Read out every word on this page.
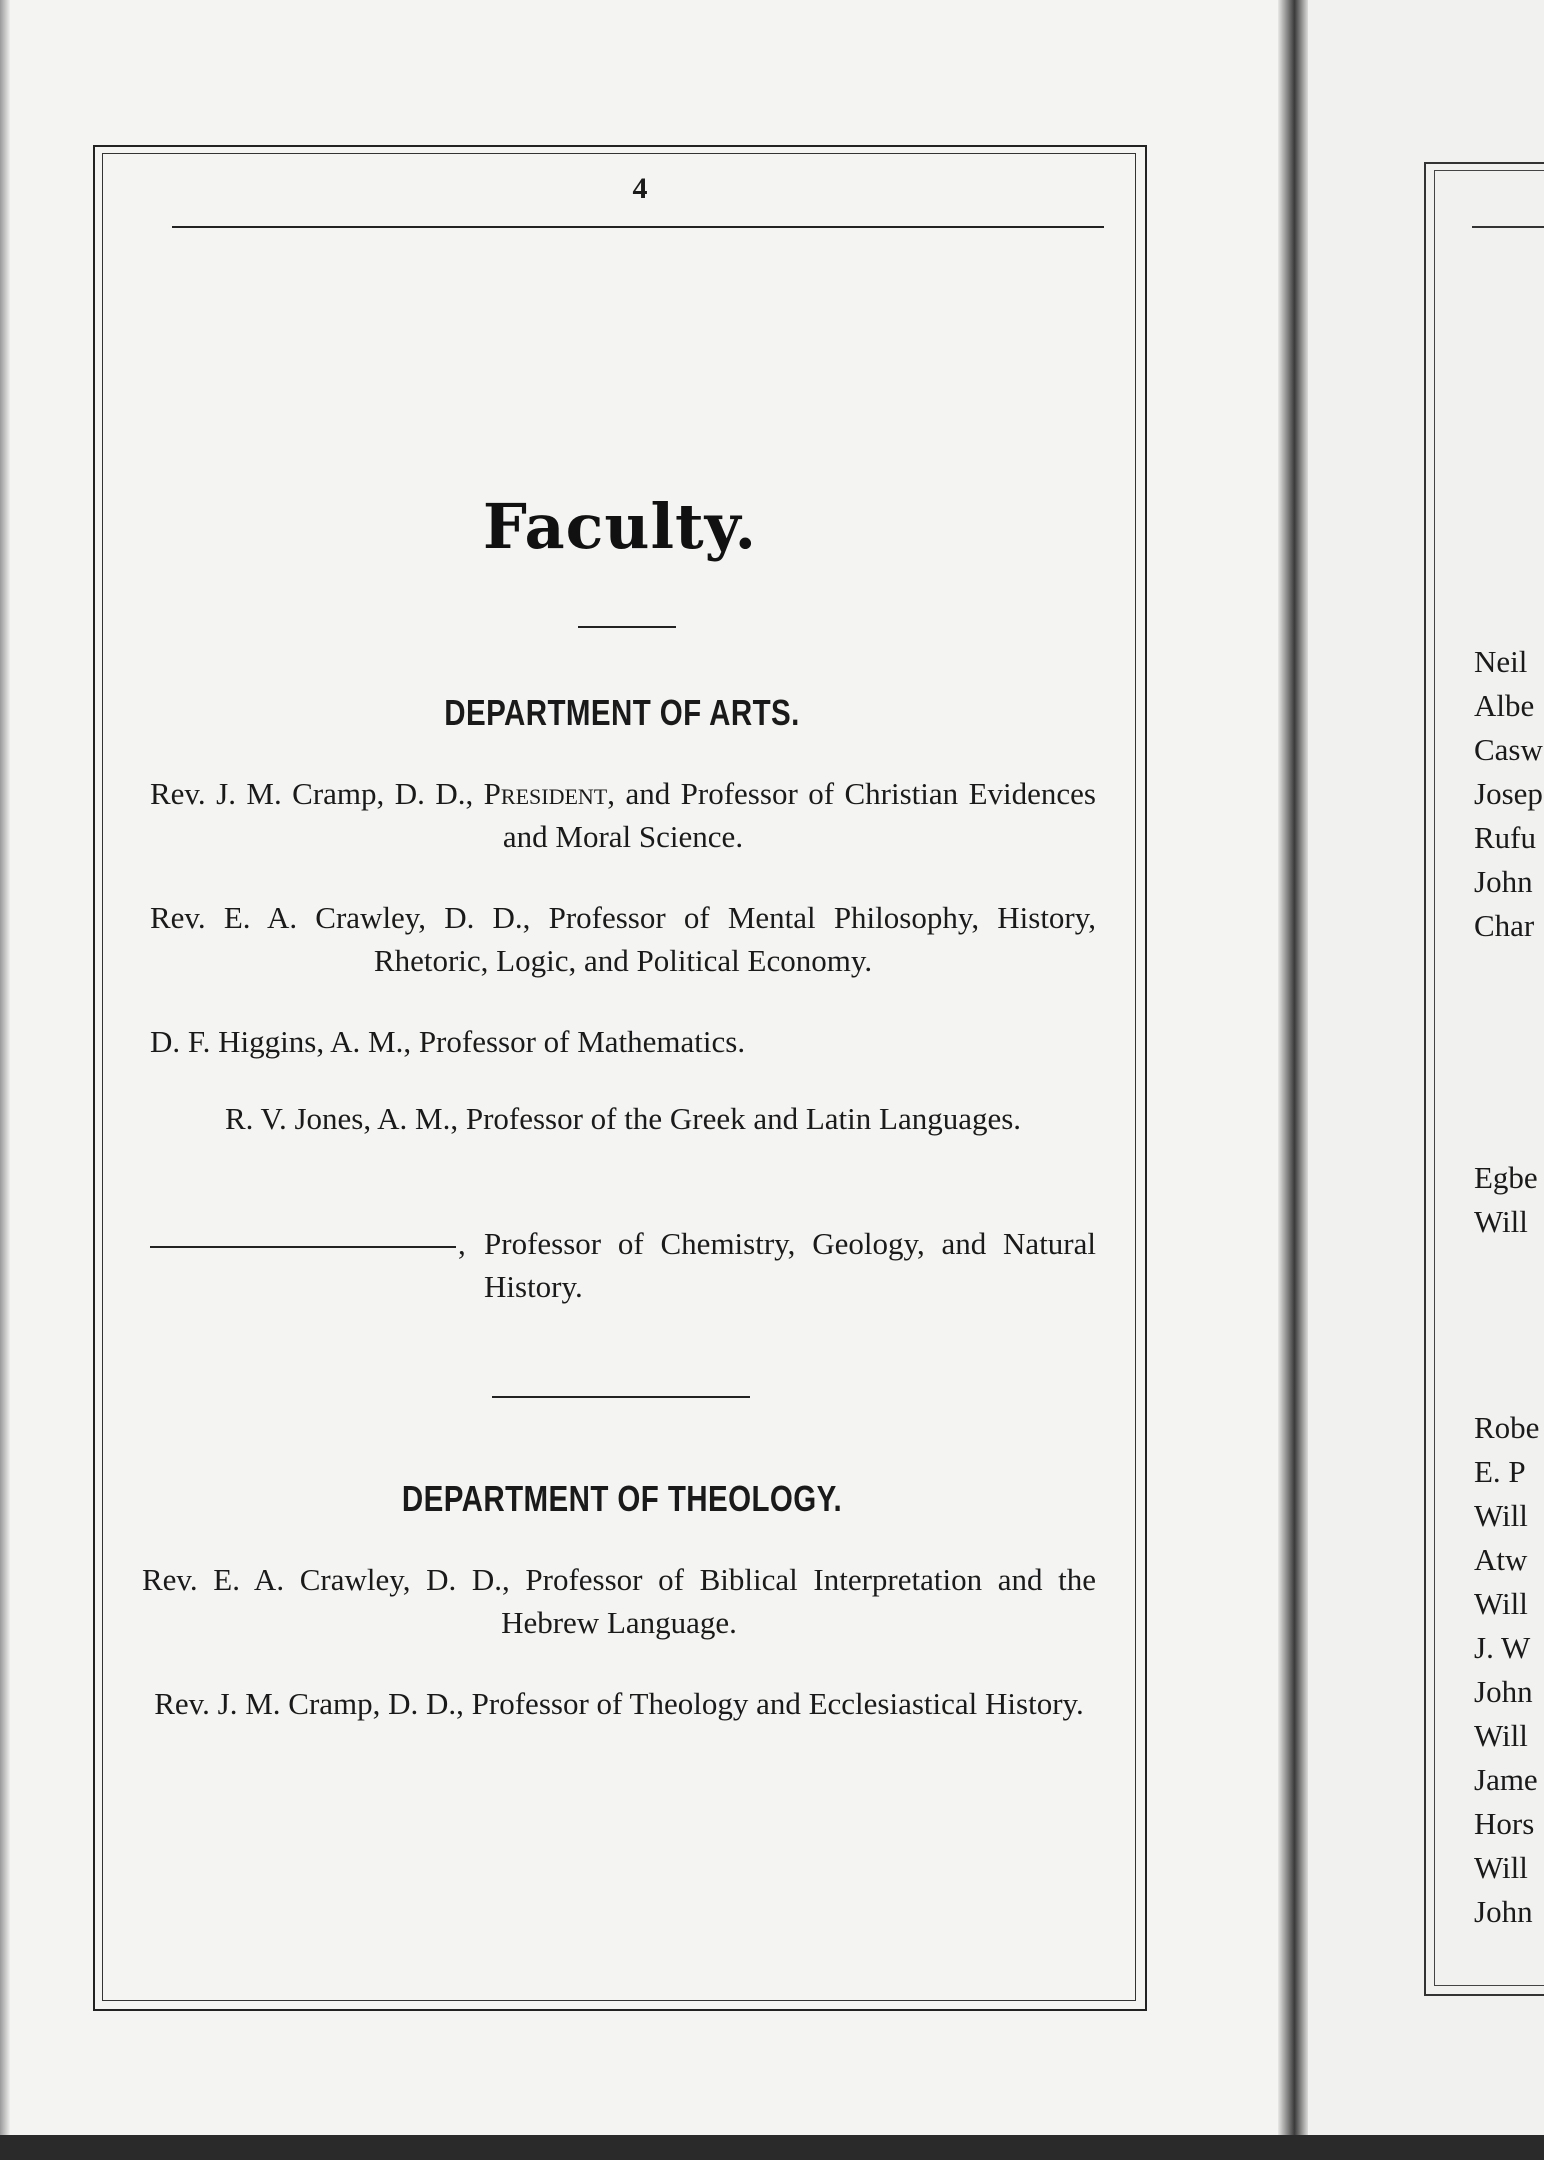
4
Faculty.
DEPARTMENT OF ARTS.
Rev. J. M. Cramp, D. D., President, and Professor of Christian Evidences and Moral Science.
Rev. E. A. Crawley, D. D., Professor of Mental Philosophy, History, Rhetoric, Logic, and Political Economy.
D. F. Higgins, A. M., Professor of Mathematics.
R. V. Jones, A. M., Professor of the Greek and Latin Languages.
, Professor of Chemistry, Geology, and Natural History.
DEPARTMENT OF THEOLOGY.
Rev. E. A. Crawley, D. D., Professor of Biblical Interpretation and the Hebrew Language.
Rev. J. M. Cramp, D. D., Professor of Theology and Ecclesiastical History.
Neil
Albe
Casw
Josep
Rufu
John
Char
Egbe
Will
Robe
E. P
Will
Atw
Will
J. W
John
Will
Jame
Hors
Will
John
